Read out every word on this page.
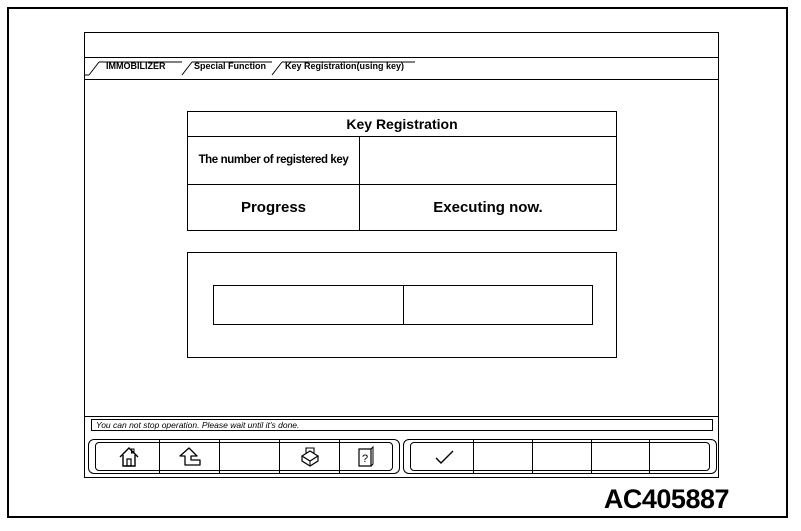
IMMOBILIZER	Special Function Key Registration(using key)
Key Registration
The number of registered key
Progress	Executing now.
You can not stop operation. Please wait until it's done.
?
AC405887
